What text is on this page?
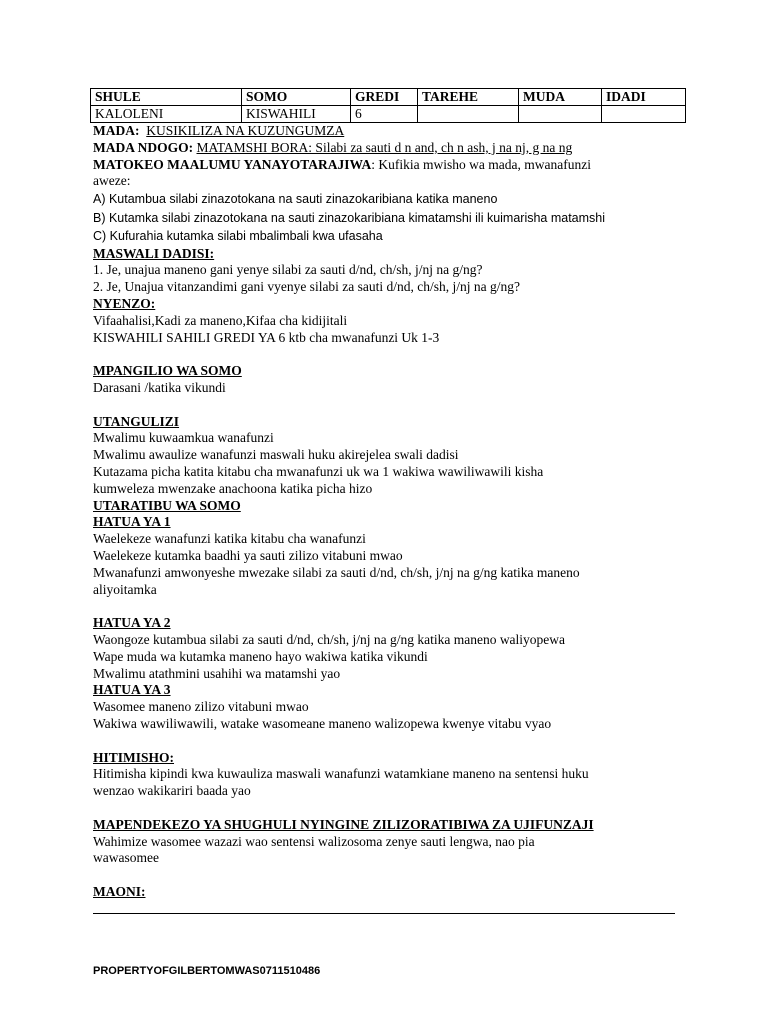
SHULE	SOMO	GREDI	TAREHE	MUDA	IDADI
KALOLENI	KISWAHILI	6			
MADA: KUSIKILIZA NA KUZUNGUMZA
MADA NDOGO: MATAMSHI BORA: Silabi za sauti d n and, ch n ash, j na nj, g na ng
MATOKEO MAALUMU YANAYOTARAJIWA: Kufikia mwisho wa mada, mwanafunzi
aweze:
A) Kutambua silabi zinazotokana na sauti zinazokaribiana katika maneno
B) Kutamka silabi zinazotokana na sauti zinazokaribiana kimatamshi ili kuimarisha matamshi
C) Kufurahia kutamka silabi mbalimbali kwa ufasaha
MASWALI DADISI:
1. Je, unajua maneno gani yenye silabi za sauti d/nd, ch/sh, j/nj na g/ng?
2. Je, Unajua vitanzandimi gani vyenye silabi za sauti d/nd, ch/sh, j/nj na g/ng?
NYENZO:
Vifaahalisi,Kadi za maneno,Kifaa cha kidijitali
KISWAHILI SAHILI GREDI YA 6 ktb cha mwanafunzi Uk 1-3
MPANGILIO WA SOMO
Darasani /katika vikundi
UTANGULIZI
Mwalimu kuwaamkua wanafunzi
Mwalimu awaulize wanafunzi maswali huku akirejelea swali dadisi
Kutazama picha katita kitabu cha mwanafunzi uk wa 1 wakiwa wawiliwawili kisha
kumweleza mwenzake anachoona katika picha hizo
UTARATIBU WA SOMO
HATUA YA 1
Waelekeze wanafunzi katika kitabu cha wanafunzi
Waelekeze kutamka baadhi ya sauti zilizo vitabuni mwao
Mwanafunzi amwonyeshe mwezake silabi za sauti d/nd, ch/sh, j/nj na g/ng katika maneno
aliyoitamka
HATUA YA 2
Waongoze kutambua silabi za sauti d/nd, ch/sh, j/nj na g/ng katika maneno waliyopewa
Wape muda wa kutamka maneno hayo wakiwa katika vikundi
Mwalimu atathmini usahihi wa matamshi yao
HATUA YA 3
Wasomee maneno zilizo vitabuni mwao
Wakiwa wawiliwawili, watake wasomeane maneno walizopewa kwenye vitabu vyao
HITIMISHO:
Hitimisha kipindi kwa kuwauliza maswali wanafunzi watamkiane maneno na sentensi huku
wenzao wakikariri baada yao
MAPENDEKEZO YA SHUGHULI NYINGINE ZILIZORATIBIWA ZA UJIFUNZAJI
Wahimize wasomee wazazi wao sentensi walizosoma zenye sauti lengwa, nao pia
wawasomee
MAONI:
PROPERTYOFGILBERTOMWAS0711510486
